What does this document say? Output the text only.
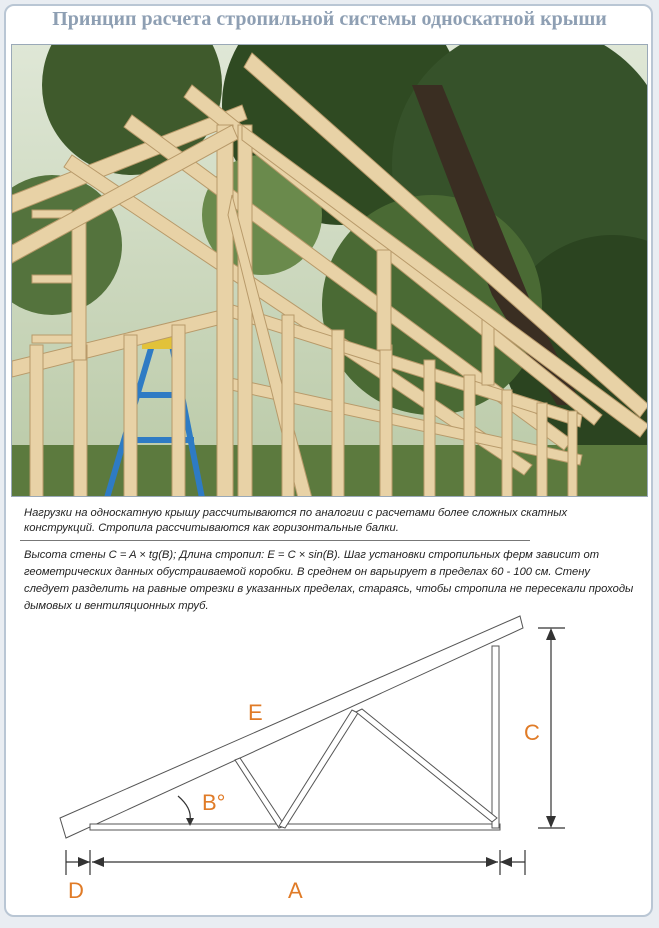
Принцип расчета стропильной системы односкатной крыши
Нагрузки на односкатную крышу рассчитываются по аналогии с расчетами более сложных скатных конструкций. Стропила рассчитываются как горизонтальные балки.
Высота стены C = A × tg(B); Длина стропил: E = C × sin(B). Шаг установки стропильных ферм зависит от геометрических данных обустраиваемой коробки. В среднем он варьирует в пределах 60 - 100 см. Стену следует разделить на равные отрезки в указанных пределах, стараясь, чтобы стропила не пересекали проходы дымовых и вентиляционных труб.
E
C
B°
D	A
